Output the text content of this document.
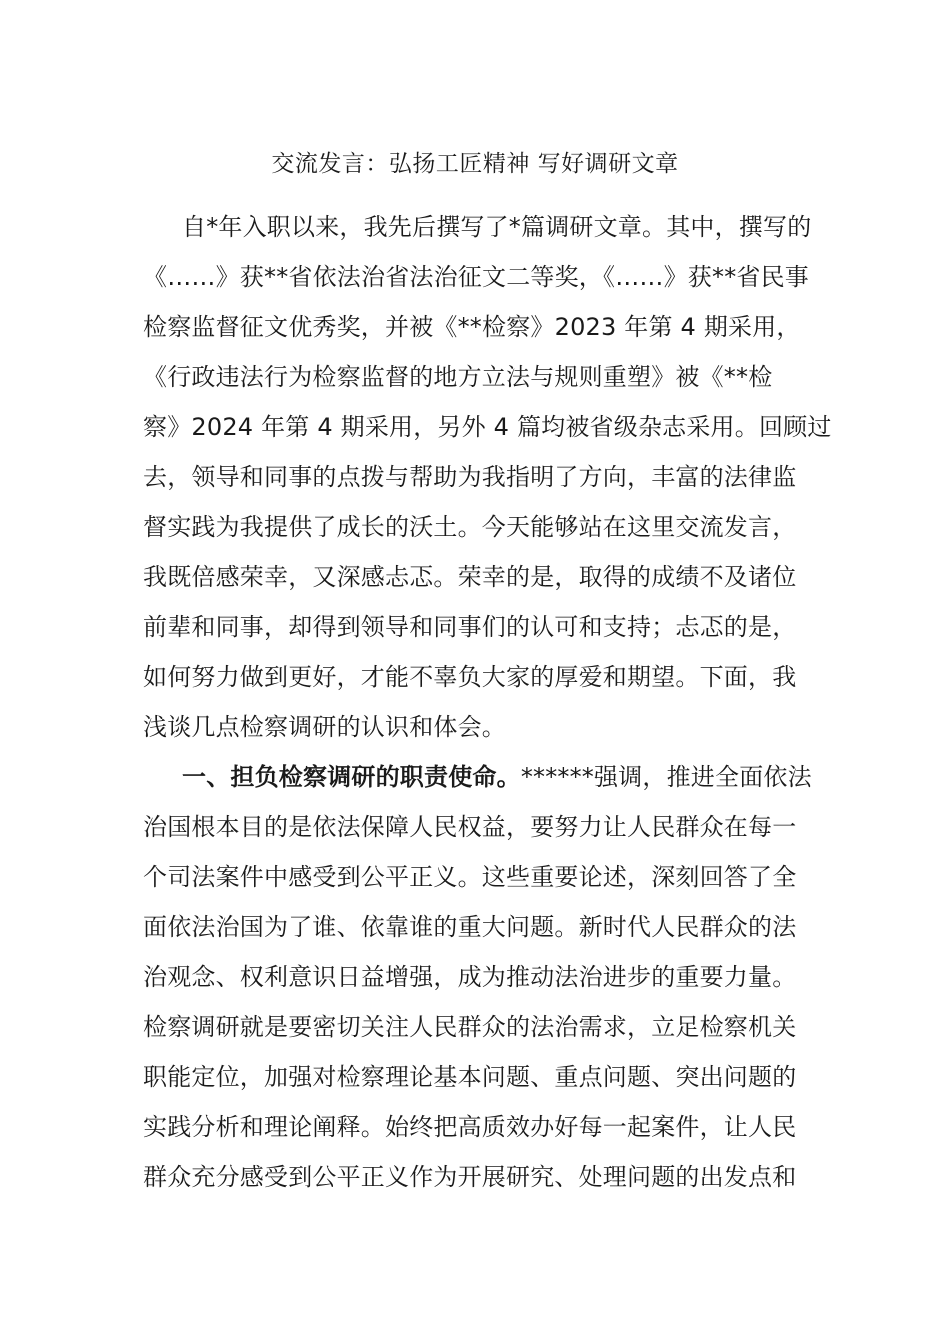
交流发言：弘扬工匠精神 写好调研文章
自*年入职以来，我先后撰写了*篇调研文章。其中，撰写的
《……》获**省依法治省法治征文二等奖，《……》获**省民事
检察监督征文优秀奖，并被《**检察》2023 年第 4 期采用，
《行政违法行为检察监督的地方立法与规则重塑》被《**检
察》2024 年第 4 期采用，另外 4 篇均被省级杂志采用。回顾过
去，领导和同事的点拨与帮助为我指明了方向，丰富的法律监
督实践为我提供了成长的沃土。今天能够站在这里交流发言，
我既倍感荣幸，又深感忐忑。荣幸的是，取得的成绩不及诸位
前辈和同事，却得到领导和同事们的认可和支持；忐忑的是，
如何努力做到更好，才能不辜负大家的厚爱和期望。下面，我
浅谈几点检察调研的认识和体会。
一、担负检察调研的职责使命。******强调，推进全面依法
治国根本目的是依法保障人民权益，要努力让人民群众在每一
个司法案件中感受到公平正义。这些重要论述，深刻回答了全
面依法治国为了谁、依靠谁的重大问题。新时代人民群众的法
治观念、权利意识日益增强，成为推动法治进步的重要力量。
检察调研就是要密切关注人民群众的法治需求，立足检察机关
职能定位，加强对检察理论基本问题、重点问题、突出问题的
实践分析和理论阐释。始终把高质效办好每一起案件，让人民
群众充分感受到公平正义作为开展研究、处理问题的出发点和
